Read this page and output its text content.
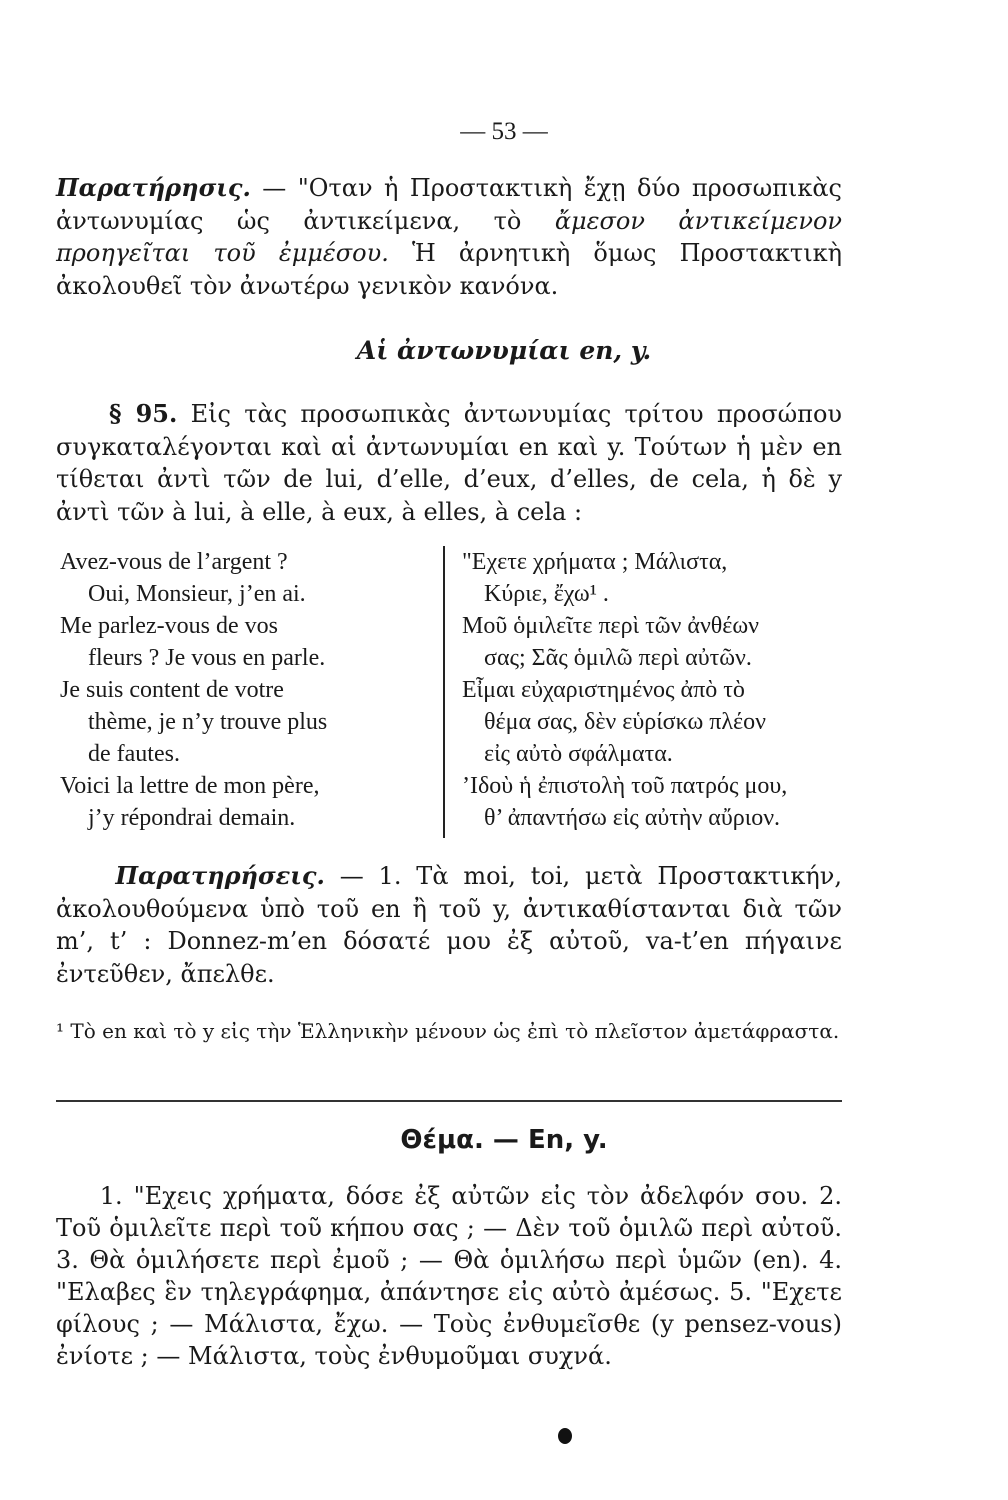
— 53 —

Παρατήρησις. — "Οταν ἡ Προστακτικὴ ἔχῃ δύο προσωπικὰς ἀντωνυμίας ὡς ἀντικείμενα, τὸ ἄμεσον ἀντικείμενον προηγεῖται τοῦ ἐμμέσου. Ἡ ἀρνητικὴ ὅμως Προστακτικὴ ἀκολουθεῖ τὸν ἀνωτέρω γενικὸν κανόνα.

Αἱ ἀντωνυμίαι en, y.

§ 95. Εἰς τὰς προσωπικὰς ἀντωνυμίας τρίτου προσώπου συγκαταλέγονται καὶ αἱ ἀντωνυμίαι en καὶ y. Τούτων ἡ μὲν en τίθεται ἀντὶ τῶν de lui, d’elle, d’eux, d’elles, de cela, ἡ δὲ y ἀντὶ τῶν à lui, à elle, à eux, à elles, à cela :

Avez-vous de l’argent ?
Oui, Monsieur, j’en ai.
Me parlez-vous de vos
fleurs ? Je vous en parle.
Je suis content de votre
thème, je n’y trouve plus
de fautes.
Voici la lettre de mon père,
j’y répondrai demain.
"Εχετε χρήματα ; Μάλιστα,
Κύριε, ἔχω¹ .
Μοῦ ὁμιλεῖτε περὶ τῶν ἀνθέων
σας; Σᾶς ὁμιλῶ περὶ αὐτῶν.
Εἶμαι εὐχαριστημένος ἀπὸ τὸ
θέμα σας, δὲν εὑρίσκω πλέον
εἰς αὐτὸ σφάλματα.
’Ιδοὺ ἡ ἐπιστολὴ τοῦ πατρός μου,
θ’ ἀπαντήσω εἰς αὐτὴν αὔριον.

Παρατηρήσεις. — 1. Τὰ moi, toi, μετὰ Προστακτικήν, ἀκολουθούμενα ὑπὸ τοῦ en ἢ τοῦ y, ἀντικαθίστανται διὰ τῶν m’, t’ : Donnez-m’en δόσατέ μου ἐξ αὐτοῦ, va-t’en πήγαινε ἐντεῦθεν, ἄπελθε.

¹ Τὸ en καὶ τὸ y εἰς τὴν Ἑλληνικὴν μένουν ὡς ἐπὶ τὸ πλεῖστον ἀμετάφραστα.
Θέμα. — En, y.
1. "Εχεις χρήματα, δόσε ἐξ αὐτῶν εἰς τὸν ἀδελφόν σου. 2. Τοῦ ὁμιλεῖτε περὶ τοῦ κήπου σας ; — Δὲν τοῦ ὁμιλῶ περὶ αὐτοῦ. 3. Θὰ ὁμιλήσετε περὶ ἐμοῦ ; — Θὰ ὁμιλήσω περὶ ὑμῶν (en). 4. "Ελαβες ἓν τηλεγράφημα, ἀπάντησε εἰς αὐτὸ ἀμέσως. 5. "Εχετε φίλους ; — Μάλιστα, ἔχω. — Τοὺς ἐνθυμεῖσθε (y pensez-vous) ἐνίοτε ; — Μάλιστα, τοὺς ἐνθυμοῦμαι συχνά.
